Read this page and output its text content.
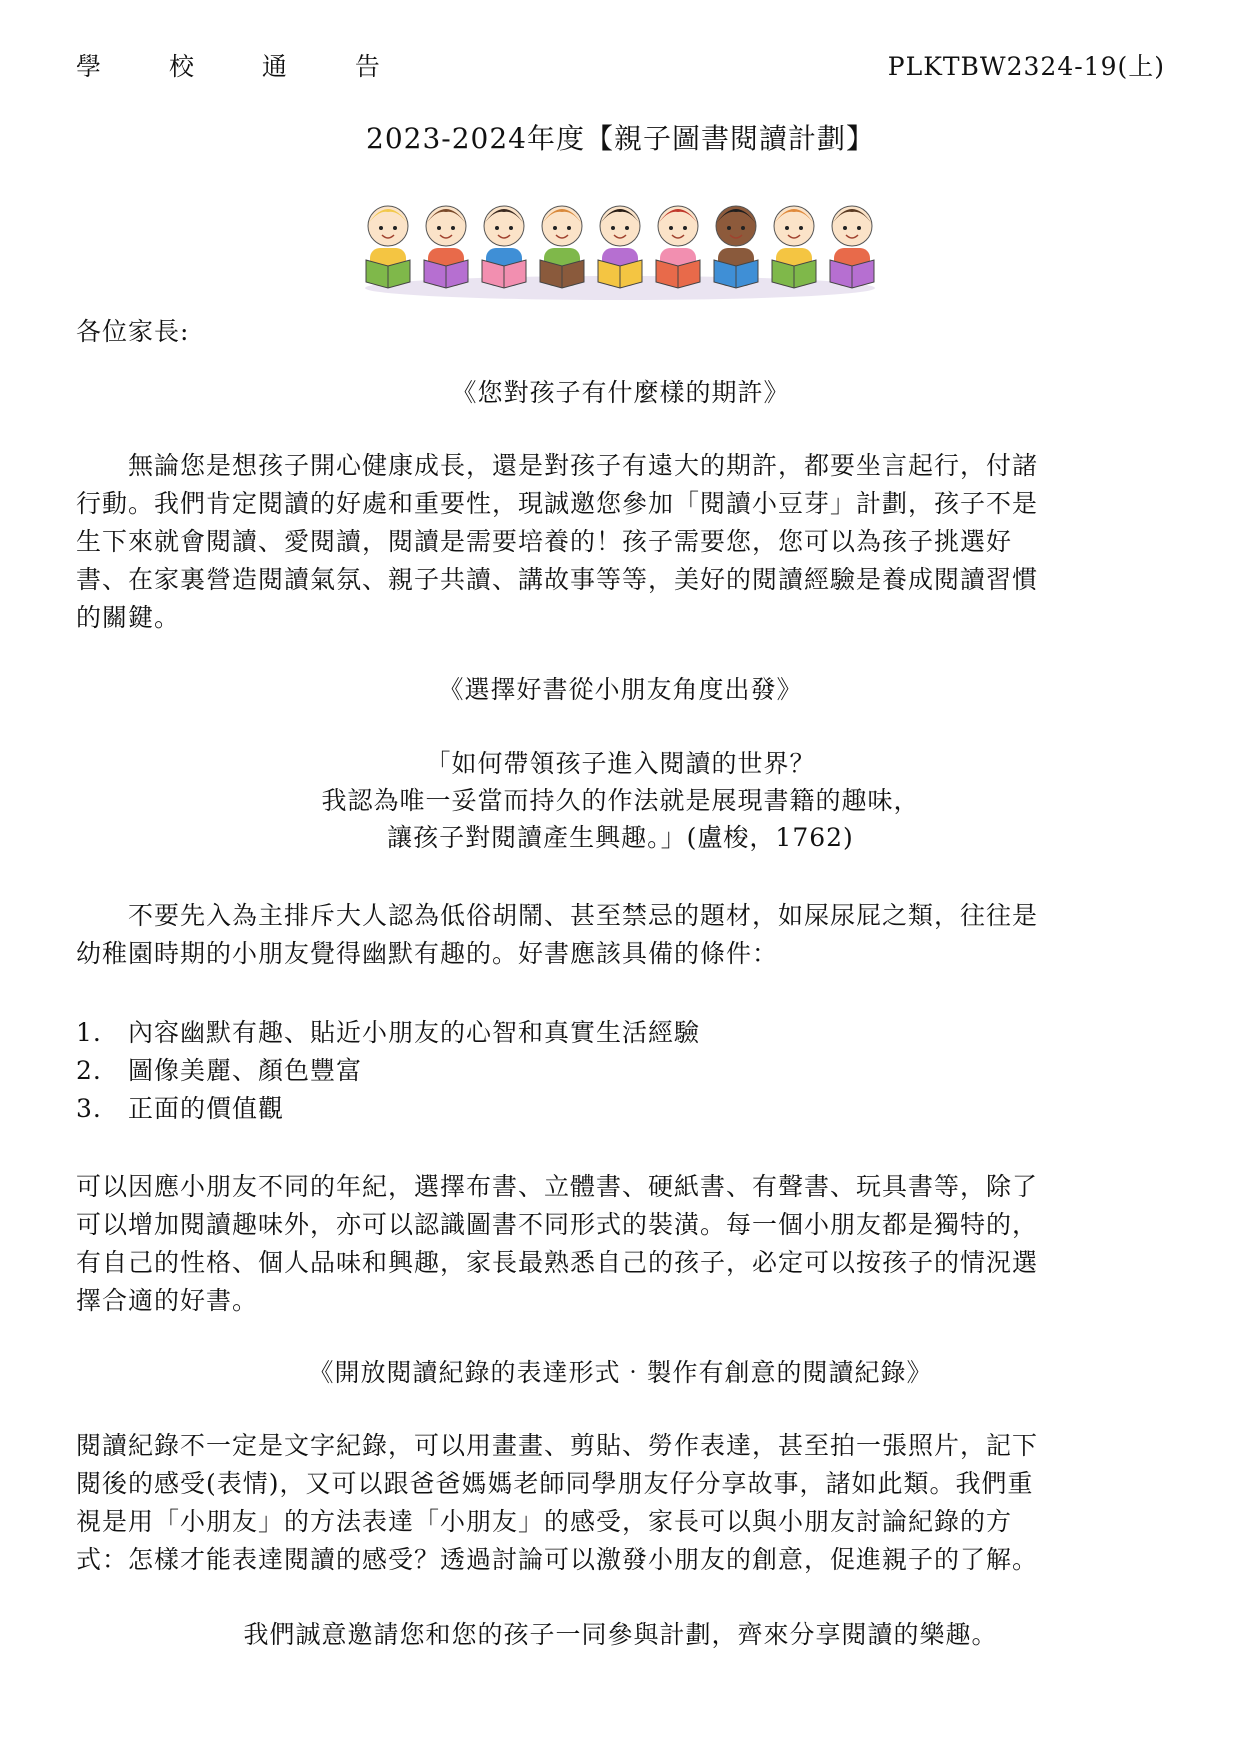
學 校 通 告	PLKTBW2324-19(上)
2023-2024年度【親子圖書閱讀計劃】
各位家長:
《您對孩子有什麼樣的期許》
　　無論您是想孩子開心健康成長，還是對孩子有遠大的期許，都要坐言起行，付諸
行動。我們肯定閱讀的好處和重要性，現誠邀您參加「閱讀小豆芽」計劃，孩子不是
生下來就會閱讀、愛閱讀，閱讀是需要培養的！孩子需要您，您可以為孩子挑選好
書、在家裏營造閱讀氣氛、親子共讀、講故事等等，美好的閱讀經驗是養成閱讀習慣
的關鍵。
《選擇好書從小朋友角度出發》
「如何帶領孩子進入閱讀的世界？
我認為唯一妥當而持久的作法就是展現書籍的趣味，
讓孩子對閱讀產生興趣。」(盧梭，1762)
　　不要先入為主排斥大人認為低俗胡鬧、甚至禁忌的題材，如屎尿屁之類，往往是
幼稚園時期的小朋友覺得幽默有趣的。好書應該具備的條件：
1. 內容幽默有趣、貼近小朋友的心智和真實生活經驗
2. 圖像美麗、顏色豐富
3. 正面的價值觀
可以因應小朋友不同的年紀，選擇布書、立體書、硬紙書、有聲書、玩具書等，除了
可以增加閱讀趣味外，亦可以認識圖書不同形式的裝潢。每一個小朋友都是獨特的，
有自己的性格、個人品味和興趣，家長最熟悉自己的孩子，必定可以按孩子的情況選
擇合適的好書。
《開放閱讀紀錄的表達形式‧製作有創意的閱讀紀錄》
閱讀紀錄不一定是文字紀錄，可以用畫畫、剪貼、勞作表達，甚至拍一張照片，記下
閱後的感受(表情)，又可以跟爸爸媽媽老師同學朋友仔分享故事，諸如此類。我們重
視是用「小朋友」的方法表達「小朋友」的感受，家長可以與小朋友討論紀錄的方
式：怎樣才能表達閱讀的感受？透過討論可以激發小朋友的創意，促進親子的了解。
我們誠意邀請您和您的孩子一同參與計劃，齊來分享閱讀的樂趣。
